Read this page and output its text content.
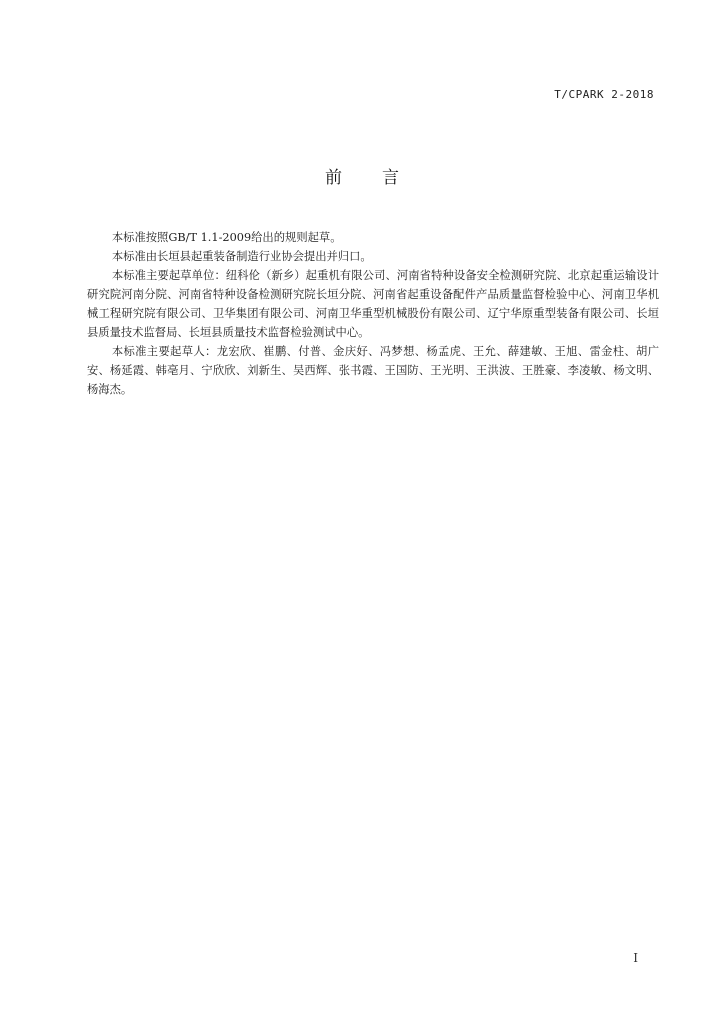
T/CPARK 2-2018
前言

本标准按照GB/T 1.1-2009给出的规则起草。

本标准由长垣县起重装备制造行业协会提出并归口。

本标准主要起草单位：纽科伦（新乡）起重机有限公司、河南省特种设备安全检测研究院、北京起重运输设计研究院河南分院、河南省特种设备检测研究院长垣分院、河南省起重设备配件产品质量监督检验中心、河南卫华机械工程研究院有限公司、卫华集团有限公司、河南卫华重型机械股份有限公司、辽宁华原重型装备有限公司、长垣县质量技术监督局、长垣县质量技术监督检验测试中心。

本标准主要起草人：龙宏欣、崔鹏、付普、金庆好、冯梦想、杨孟虎、王允、薛建敏、王旭、雷金柱、胡广安、杨延霞、韩亳月、宁欣欣、刘新生、吴西辉、张书霞、王国防、王光明、王洪波、王胜豪、李凌敏、杨文明、杨海杰。

I
